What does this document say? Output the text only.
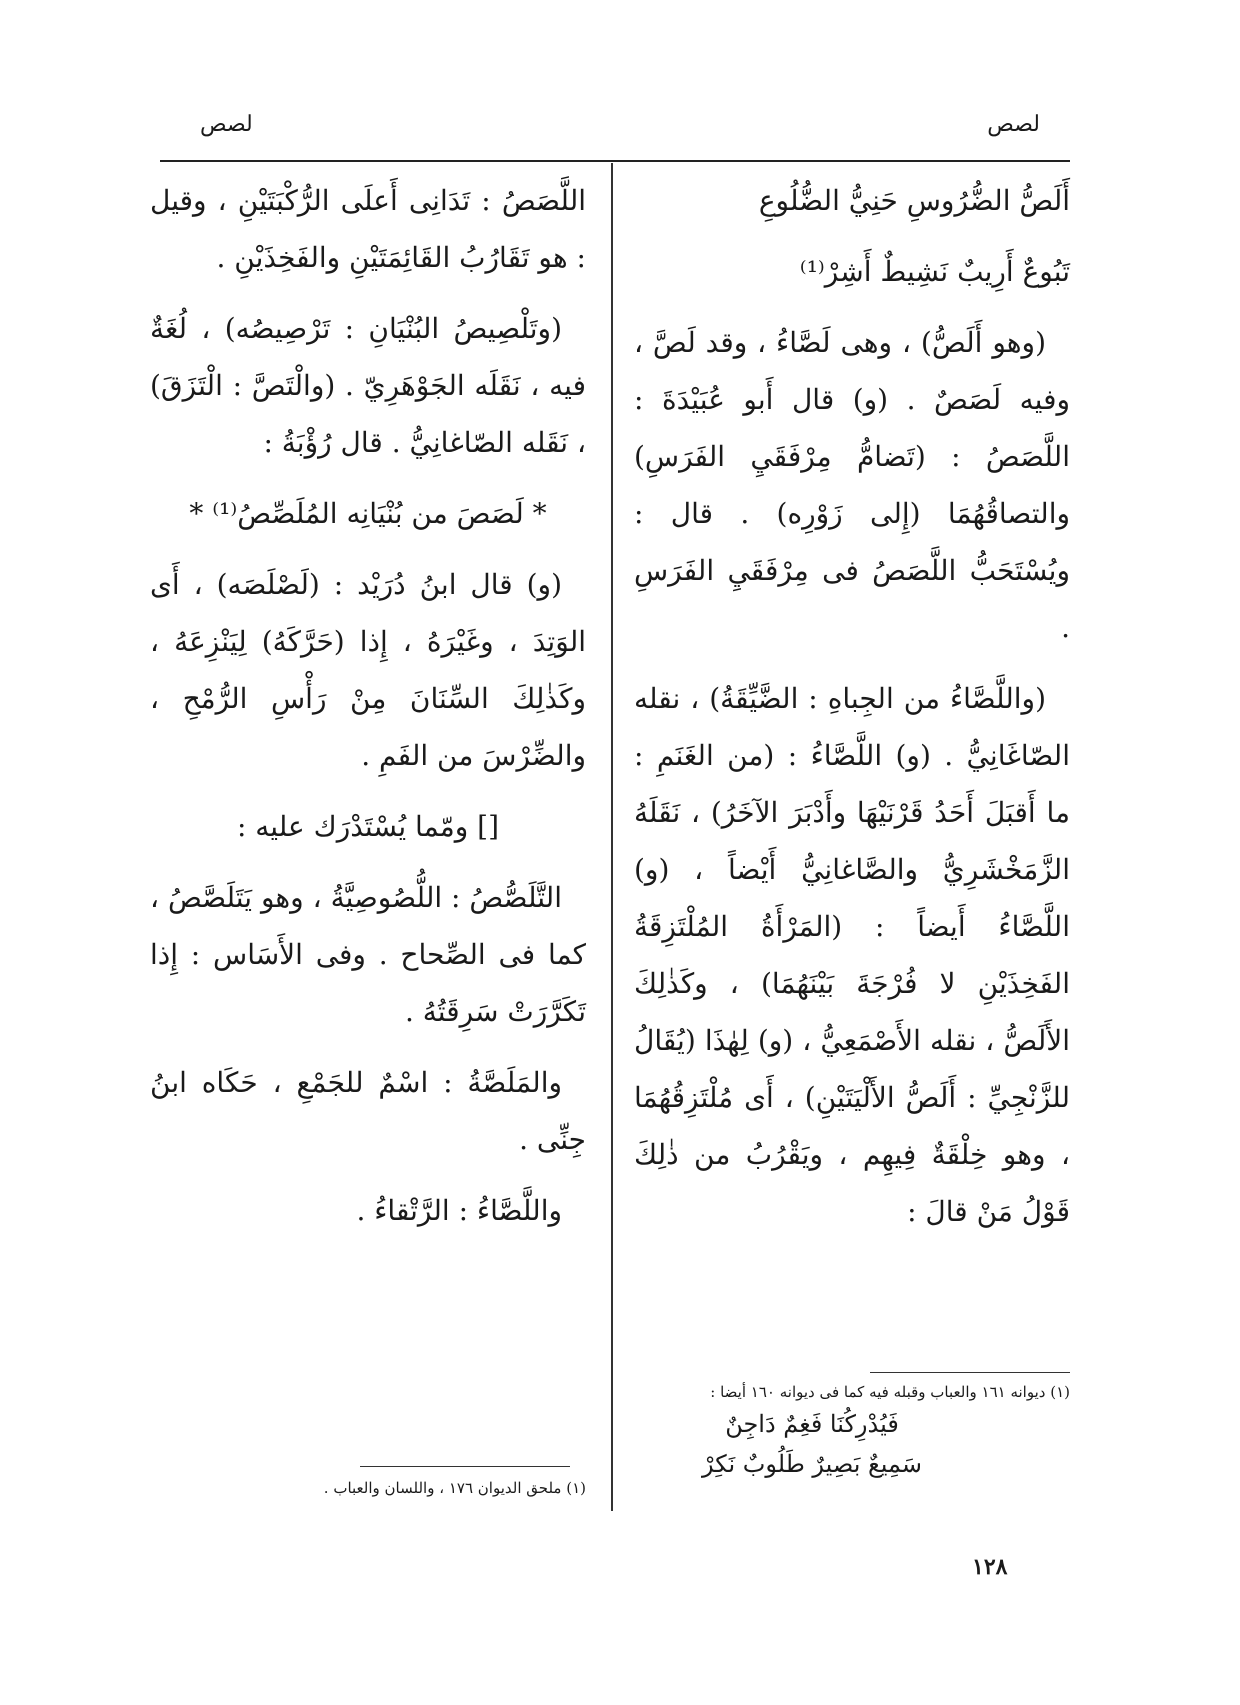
لصص
لصص

أَلَصُّ الضُّرُوسِ حَنِيُّ الضُّلُوعِ

تَبُوعٌ أَرِيبٌ نَشِيطٌ أَشِرْ⁽¹⁾

(وهو أَلَصُّ) ، وهى لَصَّاءُ ، وقد لَصَّ ، وفيه لَصَصٌ . (و) قال أَبو عُبَيْدَةَ : اللَّصَصُ : (تَضامُّ مِرْفَقَيِ الفَرَسِ) والتصاقُهُمَا (إِلى زَوْرِه) . قال : ويُسْتَحَبُّ اللَّصَصُ فى مِرْفَقَيِ الفَرَسِ .

(واللَّصَّاءُ من الجِباهِ : الضَّيِّقَةُ) ، نقله الصّاغَانِيُّ . (و) اللَّصَّاءُ : (من الغَنَمِ : ما أَقبَلَ أَحَدُ قَرْنَيْهَا وأَدْبَرَ الآخَرُ) ، نَقَلَهُ الزَّمَخْشَرِيُّ والصَّاغانِيُّ أَيْضاً ، (و) اللَّصَّاءُ أَيضاً : (المَرْأَةُ المُلْتَزِقَةُ الفَخِذَيْنِ لا فُرْجَةَ بَيْنَهُمَا) ، وكَذٰلِكَ الأَلَصُّ ، نقله الأَصْمَعِيُّ ، (و) لِهٰذَا (يُقَالُ للزَّنْجِيِّ : أَلَصُّ الأَلْيَتَيْنِ) ، أَى مُلْتَزِقُهُمَا ، وهو خِلْقَةٌ فِيهِم ، ويَقْرُبُ من ذٰلِكَ قَوْلُ مَنْ قالَ :

اللَّصَصُ : تَدَانِى أَعلَى الرُّكْبَتَيْنِ ، وقيل : هو تَقَارُبُ القَائِمَتَيْنِ والفَخِذَيْنِ .

(وتَلْصِيصُ البُنْيَانِ : تَرْصِيصُه) ، لُغَةٌ فيه ، نَقَلَه الجَوْهَرِيّ . (والْتَصَّ : الْتَزَقَ) ، نَقَله الصّاغانِيُّ . قال رُؤْبَةُ :

* لَصَصَ من بُنْيَانِه المُلَصِّصُ⁽¹⁾ *

(و) قال ابنُ دُرَيْد : (لَصْلَصَه) ، أَى الوَتِدَ ، وغَيْرَهُ ، إِذا (حَرَّكَهُ) لِيَنْزِعَهُ ، وكَذٰلِكَ السِّنَانَ مِنْ رَأْسِ الرُّمْحِ ، والضِّرْسَ من الفَمِ .

[] ومّما يُسْتَدْرَك عليه :

التَّلَصُّصُ : اللُّصُوصِيَّةُ ، وهو يَتَلَصَّصُ ، كما فى الصِّحاح . وفى الأَسَاس : إِذا تَكَرَّرَتْ سَرِقَتُهُ .

والمَلَصَّةُ : اسْمٌ للجَمْعِ ، حَكَاه ابنُ جِنِّى .

واللَّصَّاءُ : الرَّتْقاءُ .

(١) ديوانه ١٦١ والعباب وقبله فيه كما فى ديوانه ١٦٠ أيضا :
فَيُدْرِكُنَا فَغِمٌ دَاجِنٌ
سَمِيعٌ بَصِيرٌ طَلُوبٌ نَكِرْ
(١) ملحق الديوان ١٧٦ ، واللسان والعباب .
١٢٨
